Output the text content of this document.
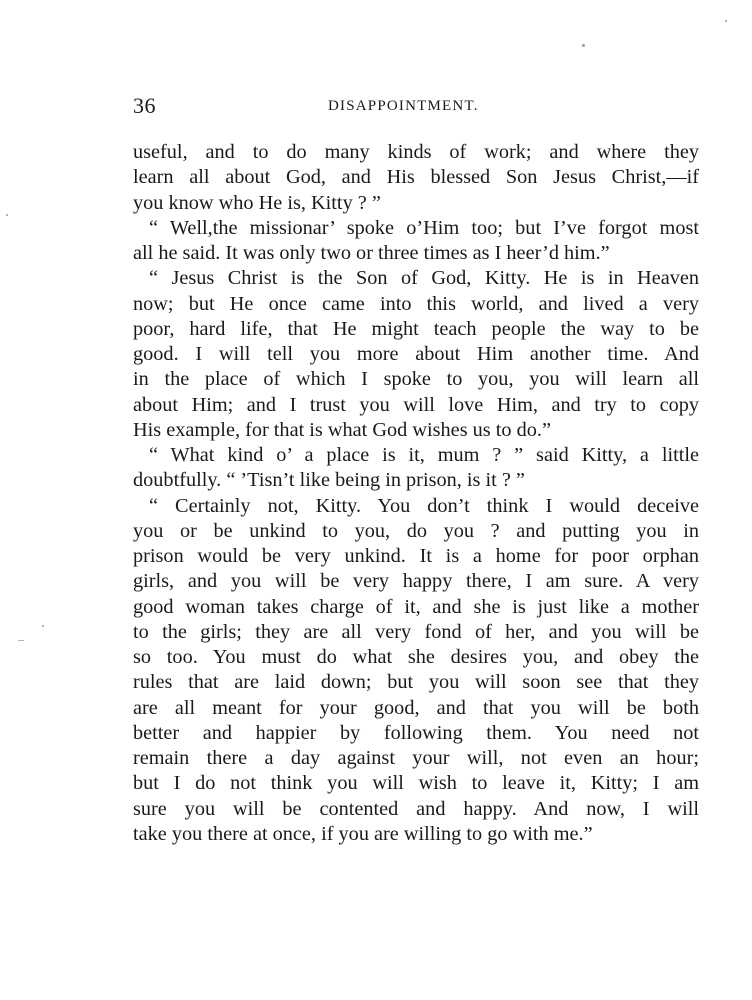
36	DISAPPOINTMENT.
useful, and to do many kinds of work; and where they
learn all about God, and His blessed Son Jesus Christ,—if
you know who He is, Kitty ? ”
“ Well,the missionar’ spoke o’Him too; but I’ve forgot most
all he said. It was only two or three times as I heer’d him.”
“ Jesus Christ is the Son of God, Kitty. He is in Heaven
now; but He once came into this world, and lived a very
poor, hard life, that He might teach people the way to be
good. I will tell you more about Him another time. And
in the place of which I spoke to you, you will learn all
about Him; and I trust you will love Him, and try to copy
His example, for that is what God wishes us to do.”
“ What kind o’ a place is it, mum ? ” said Kitty, a little
doubtfully. “ ’Tisn’t like being in prison, is it ? ”
“ Certainly not, Kitty. You don’t think I would deceive
you or be unkind to you, do you ? and putting you in
prison would be very unkind. It is a home for poor orphan
girls, and you will be very happy there, I am sure. A very
good woman takes charge of it, and she is just like a mother
to the girls; they are all very fond of her, and you will be
so too. You must do what she desires you, and obey the
rules that are laid down; but you will soon see that they
are all meant for your good, and that you will be both
better and happier by following them. You need not
remain there a day against your will, not even an hour;
but I do not think you will wish to leave it, Kitty; I am
sure you will be contented and happy. And now, I will
take you there at once, if you are willing to go with me.”
